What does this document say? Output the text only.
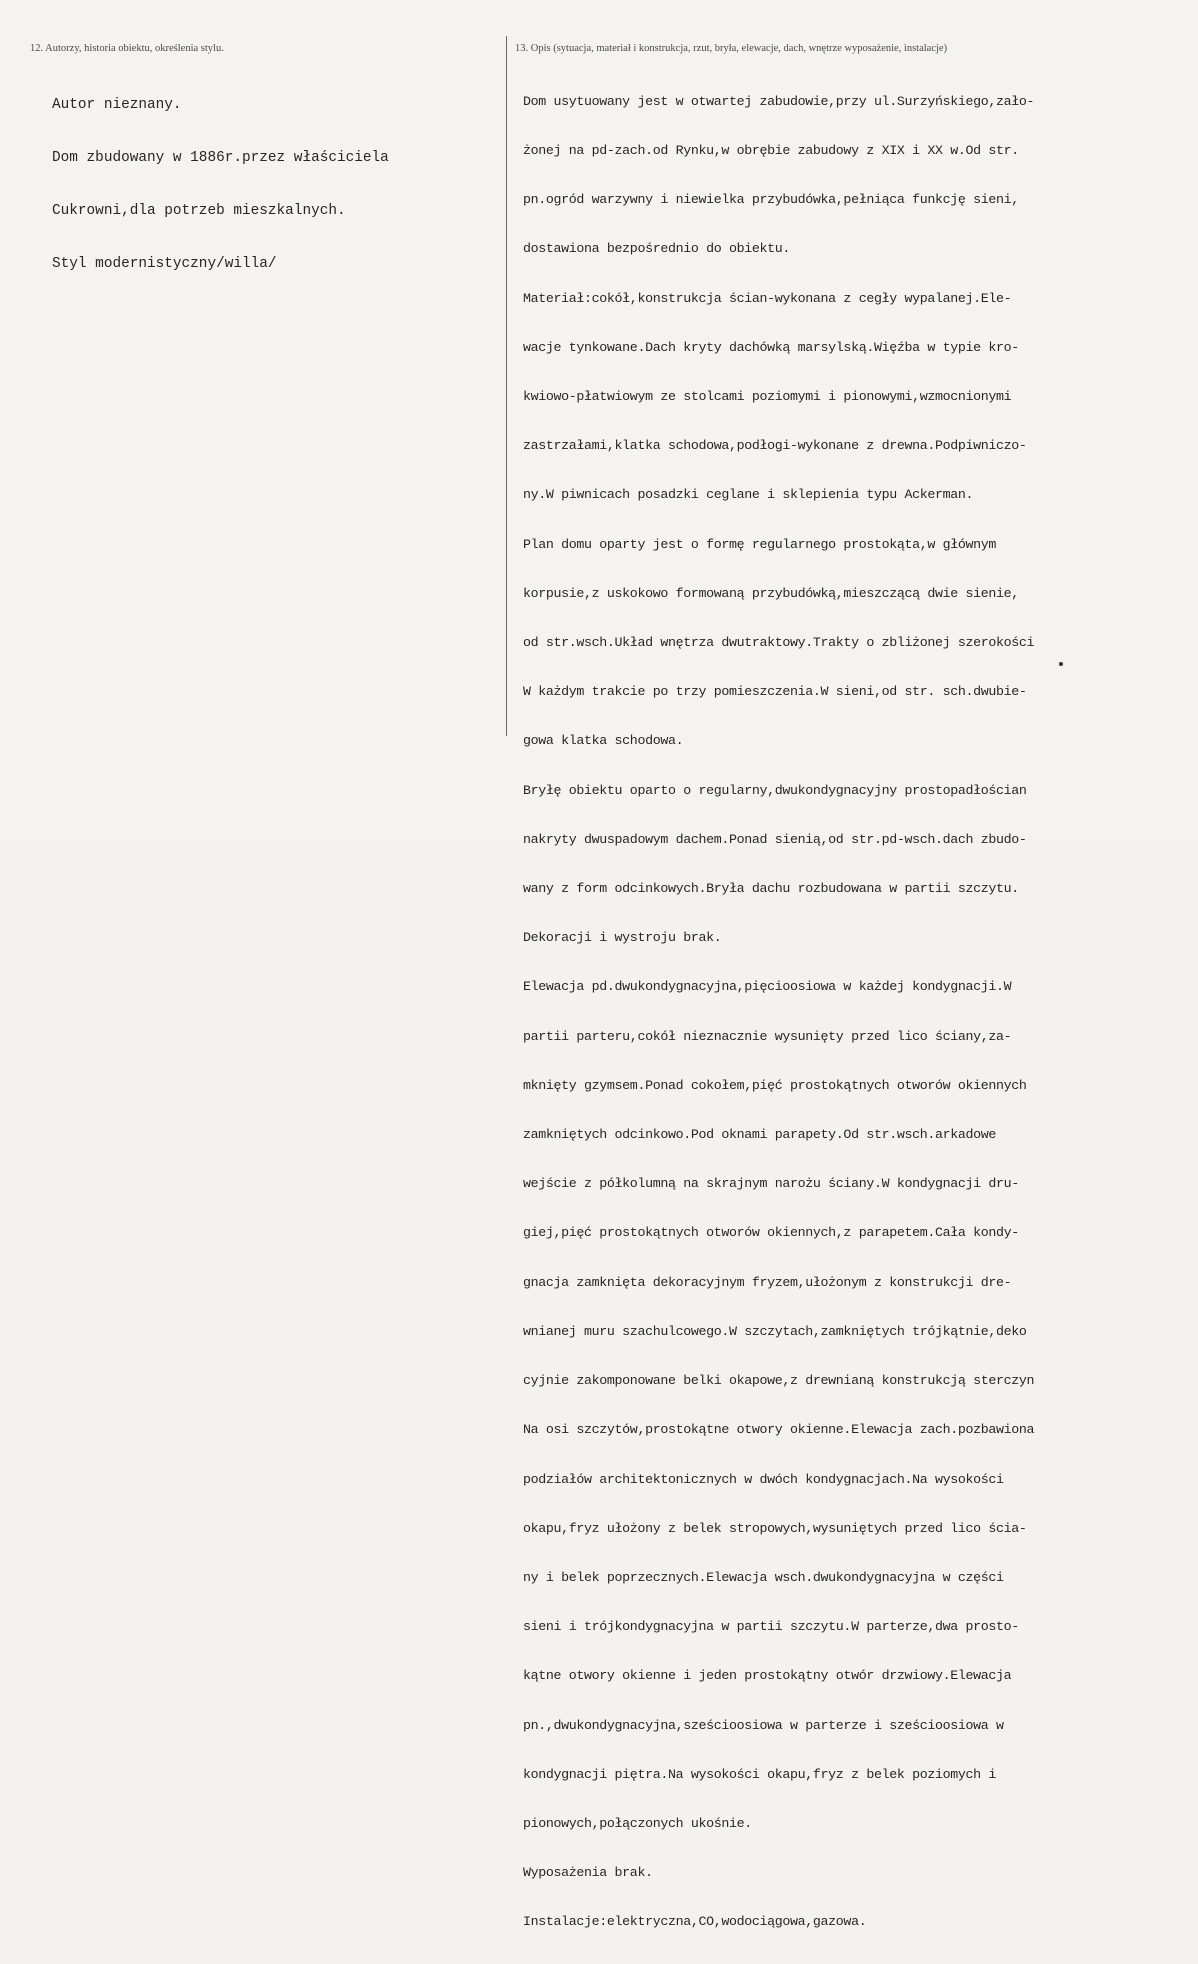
12. Autorzy, historia obiektu, określenia stylu.	13. Opis (sytuacja, materiał i konstrukcja, rzut, bryła, elewacje, dach, wnętrze wyposażenie, instalacje)

Autor nieznany.

Dom zbudowany w 1886r.przez właściciela

Cukrowni,dla potrzeb mieszkalnych.

Styl modernistyczny/willa/

Dom usytuowany jest w otwartej zabudowie,przy ul.Surzyńskiego,zało-

żonej na pd-zach.od Rynku,w obrębie zabudowy z XIX i XX w.Od str.

pn.ogród warzywny i niewielka przybudówka,pełniąca funkcję sieni,

dostawiona bezpośrednio do obiektu.

Materiał:cokół,konstrukcja ścian-wykonana z cegły wypalanej.Ele-

wacje tynkowane.Dach kryty dachówką marsylską.Więźba w typie kro-

kwiowo-płatwiowym ze stolcami poziomymi i pionowymi,wzmocnionymi

zastrzałami,klatka schodowa,podłogi-wykonane z drewna.Podpiwniczo-

ny.W piwnicach posadzki ceglane i sklepienia typu Ackerman.

Plan domu oparty jest o formę regularnego prostokąta,w głównym

korpusie,z uskokowo formowaną przybudówką,mieszczącą dwie sienie,

od str.wsch.Układ wnętrza dwutraktowy.Trakty o zbliżonej szerokości

W każdym trakcie po trzy pomieszczenia.W sieni,od str. sch.dwubie-

gowa klatka schodowa.

Bryłę obiektu oparto o regularny,dwukondygnacyjny prostopadłościan

nakryty dwuspadowym dachem.Ponad sienią,od str.pd-wsch.dach zbudo-

wany z form odcinkowych.Bryła dachu rozbudowana w partii szczytu.

Dekoracji i wystroju brak.

Elewacja pd.dwukondygnacyjna,pięcioosiowa w każdej kondygnacji.W

partii parteru,cokół nieznacznie wysunięty przed lico ściany,za-

mknięty gzymsem.Ponad cokołem,pięć prostokątnych otworów okiennych

zamkniętych odcinkowo.Pod oknami parapety.Od str.wsch.arkadowe

wejście z półkolumną na skrajnym narożu ściany.W kondygnacji dru-

giej,pięć prostokątnych otworów okiennych,z parapetem.Cała kondy-

gnacja zamknięta dekoracyjnym fryzem,ułożonym z konstrukcji dre-

wnianej muru szachulcowego.W szczytach,zamkniętych trójkątnie,deko

cyjnie zakomponowane belki okapowe,z drewnianą konstrukcją sterczyn

Na osi szczytów,prostokątne otwory okienne.Elewacja zach.pozbawiona

podziałów architektonicznych w dwóch kondygnacjach.Na wysokości

okapu,fryz ułożony z belek stropowych,wysuniętych przed lico ścia-

ny i belek poprzecznych.Elewacja wsch.dwukondygnacyjna w części

sieni i trójkondygnacyjna w partii szczytu.W parterze,dwa prosto-

kątne otwory okienne i jeden prostokątny otwór drzwiowy.Elewacja

pn.,dwukondygnacyjna,sześcioosiowa w parterze i sześcioosiowa w

kondygnacji piętra.Na wysokości okapu,fryz z belek poziomych i

pionowych,połączonych ukośnie.

Wyposażenia brak.

Instalacje:elektryczna,CO,wodociągowa,gazowa.
